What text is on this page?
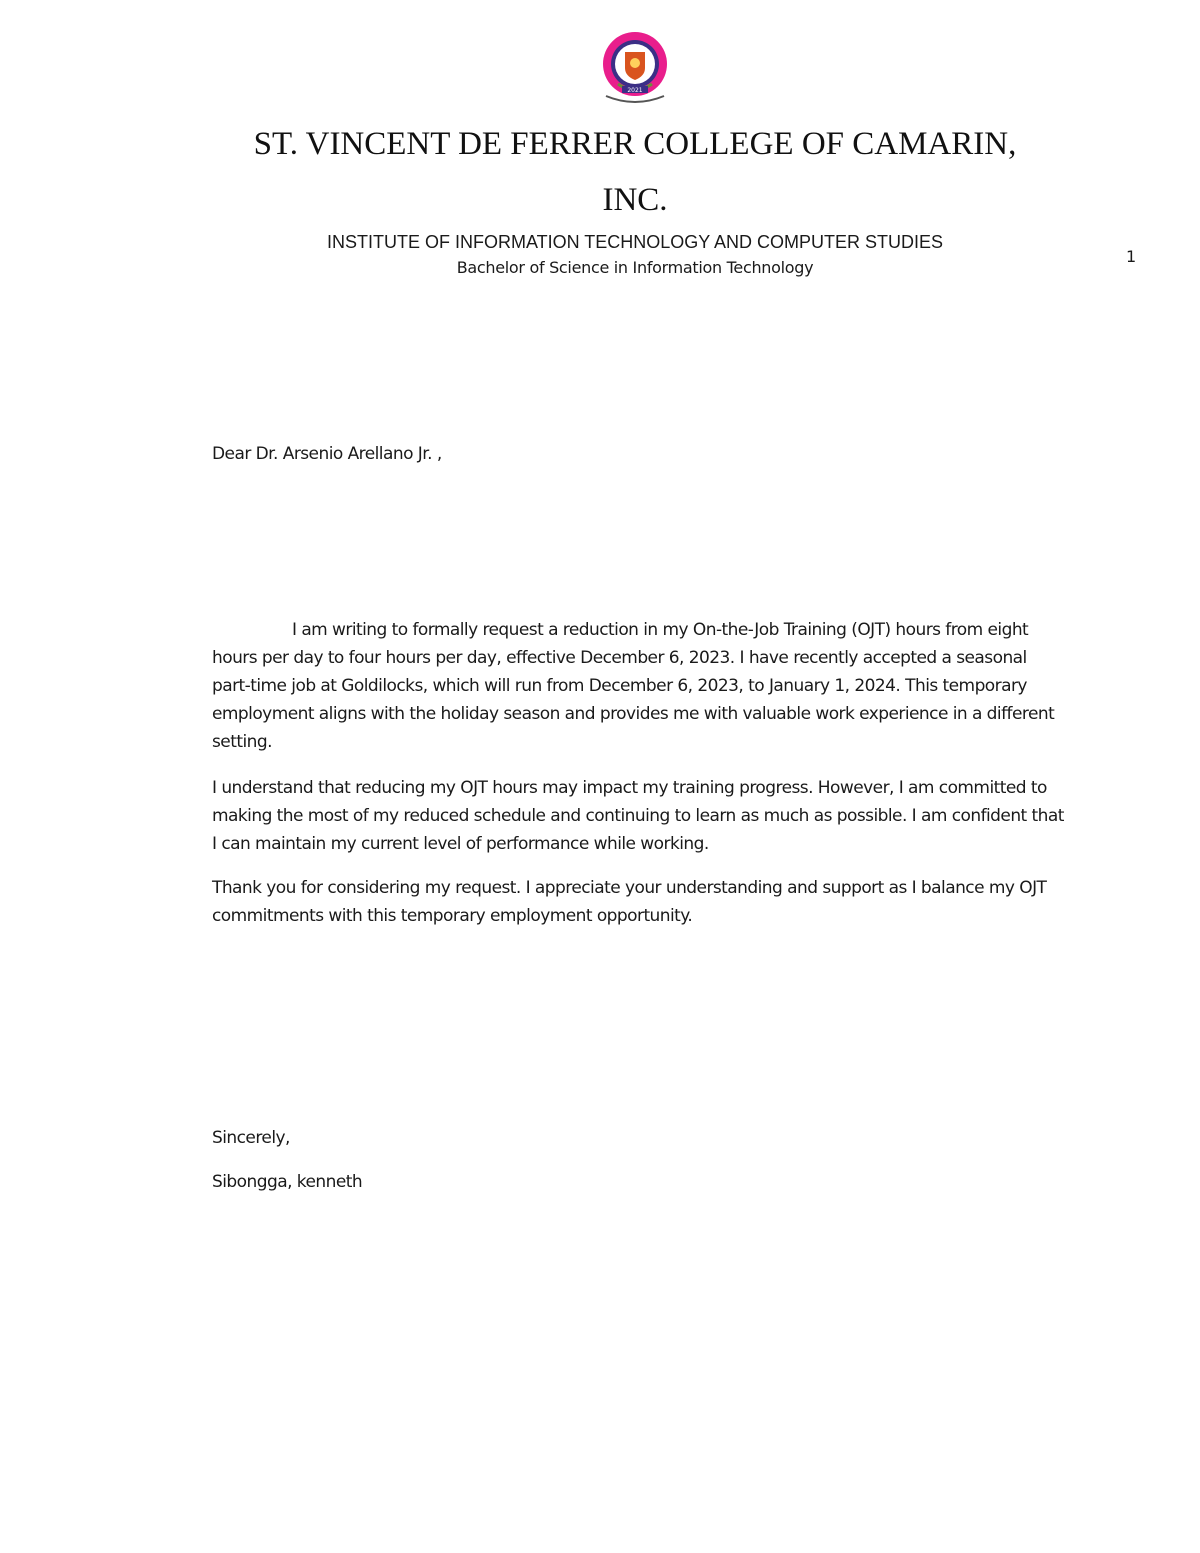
2021
ST. VINCENT DE FERRER COLLEGE OF CAMARIN,
INC.
INSTITUTE OF INFORMATION TECHNOLOGY AND COMPUTER STUDIES
Bachelor of Science in Information Technology
1

Dear Dr. Arsenio Arellano Jr. ,

I am writing to formally request a reduction in my On-the-Job Training (OJT) hours from eight hours per day to four hours per day, effective December 6, 2023. I have recently accepted a seasonal part-time job at Goldilocks, which will run from December 6, 2023, to January 1, 2024. This temporary employment aligns with the holiday season and provides me with valuable work experience in a different setting.

I understand that reducing my OJT hours may impact my training progress. However, I am committed to making the most of my reduced schedule and continuing to learn as much as possible. I am confident that I can maintain my current level of performance while working.

Thank you for considering my request. I appreciate your understanding and support as I balance my OJT commitments with this temporary employment opportunity.

Sincerely,

Sibongga, kenneth
